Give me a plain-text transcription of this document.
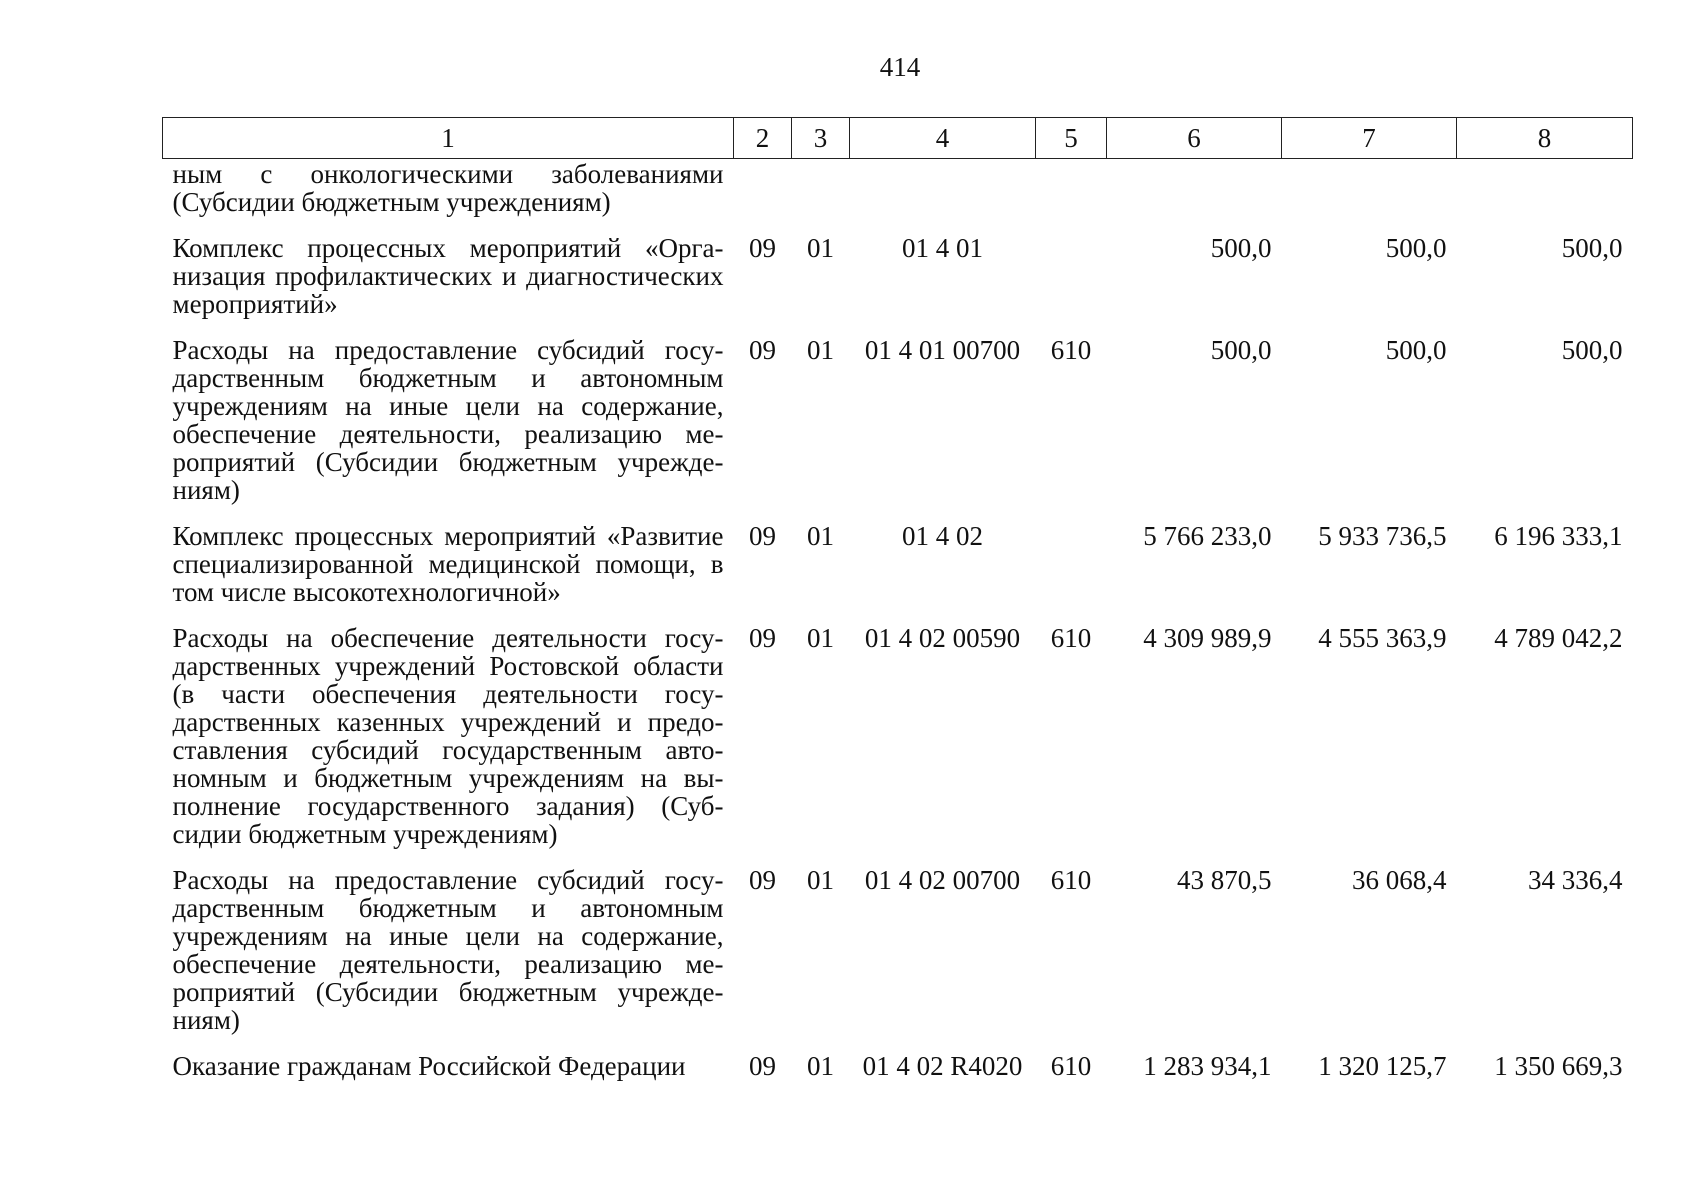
414
1	2	3	4	5	6	7	8
ным с онкологическими заболеваниями (Субсидии бюджетным учреждениям)							
Комплекс процессных мероприятий «Организация профилактических и диагностических мероприятий»	09	01	01 4 01		500,0	500,0	500,0
Расходы на предоставление субсидий государственным бюджетным и автономным учреждениям на иные цели на содержание, обеспечение деятельности, реализацию мероприятий (Субсидии бюджетным учреждениям)	09	01	01 4 01 00700	610	500,0	500,0	500,0
Комплекс процессных мероприятий «Развитие специализированной медицинской помощи, в том числе высокотехнологичной»	09	01	01 4 02		5 766 233,0	5 933 736,5	6 196 333,1
Расходы на обеспечение деятельности государственных учреждений Ростовской области (в части обеспечения деятельности государственных казенных учреждений и предоставления субсидий государственным автономным и бюджетным учреждениям на выполнение государственного задания) (Субсидии бюджетным учреждениям)	09	01	01 4 02 00590	610	4 309 989,9	4 555 363,9	4 789 042,2
Расходы на предоставление субсидий государственным бюджетным и автономным учреждениям на иные цели на содержание, обеспечение деятельности, реализацию мероприятий (Субсидии бюджетным учреждениям)	09	01	01 4 02 00700	610	43 870,5	36 068,4	34 336,4
Оказание гражданам Российской Федерации	09	01	01 4 02 R4020	610	1 283 934,1	1 320 125,7	1 350 669,3
